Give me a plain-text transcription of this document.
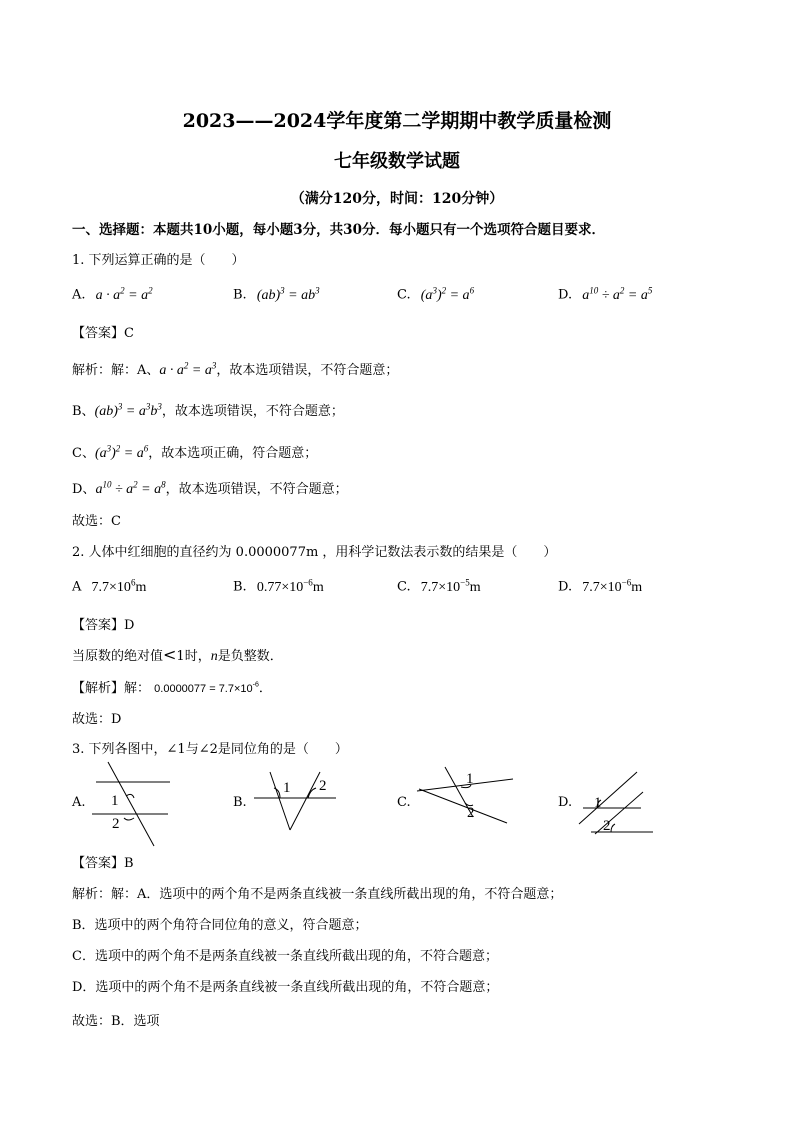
2023——2024学年度第二学期期中教学质量检测
七年级数学试题
（满分120分，时间：120分钟）
一、选择题：本题共10小题，每小题3分，共30分．每小题只有一个选项符合题目要求．
1. 下列运算正确的是（　　）
A. $a \cdot a^2 = a^2$	B. $(ab)^3 = ab^3$	C. $(a^3)^2 = a^6$	D. $a^{10} \div a^2 = a^5$
【答案】C
解析：解：A、$a \cdot a^2 = a^3$，故本选项错误，不符合题意；
B、$(ab)^3 = a^3b^3$，故本选项错误，不符合题意；
C、$(a^3)^2 = a^6$，故本选项正确，符合题意；
D、$a^{10} \div a^2 = a^8$，故本选项错误，不符合题意；
故选：C
2. 人体中红细胞的直径约为 0.0000077m ，用科学记数法表示数的结果是（　　）
A $7.7\times 10^6m$	B. $0.77\times 10^{-6}m$	C. $7.7\times 10^{-5}m$	D. $7.7\times 10^{-6}m$
【答案】D
当原数的绝对值<1时，n是负整数．
【解析】解： $0.0000077 = 7.7\times 10^{-6}$．
故选：D
3. 下列各图中，∠1与∠2是同位角的是（　　）
A.	B.	C.	D.
1
2
1 2	1
2
1
2
【答案】B
解析：解：A．选项中的两个角不是两条直线被一条直线所截出现的角，不符合题意；
B．选项中的两个角符合同位角的意义，符合题意；
C．选项中的两个角不是两条直线被一条直线所截出现的角，不符合题意；
D．选项中的两个角不是两条直线被一条直线所截出现的角，不符合题意；
故选：B．选项
